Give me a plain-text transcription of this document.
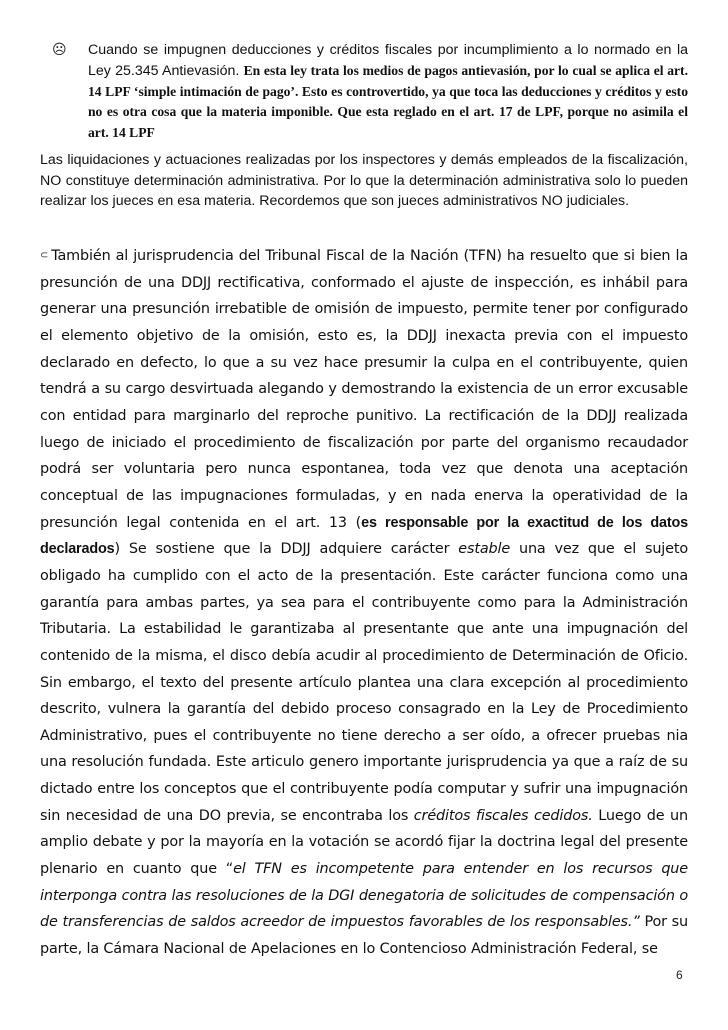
☹	Cuando se impugnen deducciones y créditos fiscales por incumplimiento a lo normado en la Ley 25.345 Antievasión. En esta ley trata los medios de pagos antievasión, por lo cual se aplica el art. 14 LPF ‘simple intimación de pago’. Esto es controvertido, ya que toca las deducciones y créditos y esto no es otra cosa que la materia imponible. Que esta reglado en el art. 17 de LPF, porque no asimila el art. 14 LPF

Las liquidaciones y actuaciones realizadas por los inspectores y demás empleados de la fiscalización, NO constituye determinación administrativa. Por lo que la determinación administrativa solo lo pueden realizar los jueces en esa materia. Recordemos que son jueces administrativos NO judiciales.

⊂ También al jurisprudencia del Tribunal Fiscal de la Nación (TFN) ha resuelto que si bien la presunción de una DDJJ rectificativa, conformado el ajuste de inspección, es inhábil para generar una presunción irrebatible de omisión de impuesto, permite tener por configurado el elemento objetivo de la omisión, esto es, la DDJJ inexacta previa con el impuesto declarado en defecto, lo que a su vez hace presumir la culpa en el contribuyente, quien tendrá a su cargo desvirtuada alegando y demostrando la existencia de un error excusable con entidad para marginarlo del reproche punitivo. La rectificación de la DDJJ realizada luego de iniciado el procedimiento de fiscalización por parte del organismo recaudador podrá ser voluntaria pero nunca espontanea, toda vez que denota una aceptación conceptual de las impugnaciones formuladas, y en nada enerva la operatividad de la presunción legal contenida en el art. 13 (es responsable por la exactitud de los datos declarados) Se sostiene que la DDJJ adquiere carácter estable una vez que el sujeto obligado ha cumplido con el acto de la presentación. Este carácter funciona como una garantía para ambas partes, ya sea para el contribuyente como para la Administración Tributaria. La estabilidad le garantizaba al presentante que ante una impugnación del contenido de la misma, el disco debía acudir al procedimiento de Determinación de Oficio. Sin embargo, el texto del presente artículo plantea una clara excepción al procedimiento descrito, vulnera la garantía del debido proceso consagrado en la Ley de Procedimiento Administrativo, pues el contribuyente no tiene derecho a ser oído, a ofrecer pruebas nia una resolución fundada. Este articulo genero importante jurisprudencia ya que a raíz de su dictado entre los conceptos que el contribuyente podía computar y sufrir una impugnación sin necesidad de una DO previa, se encontraba los créditos fiscales cedidos. Luego de un amplio debate y por la mayoría en la votación se acordó fijar la doctrina legal del presente plenario en cuanto que “el TFN es incompetente para entender en los recursos que interponga contra las resoluciones de la DGI denegatoria de solicitudes de compensación o de transferencias de saldos acreedor de impuestos favorables de los responsables.” Por su parte, la Cámara Nacional de Apelaciones en lo Contencioso Administración Federal, se

6
